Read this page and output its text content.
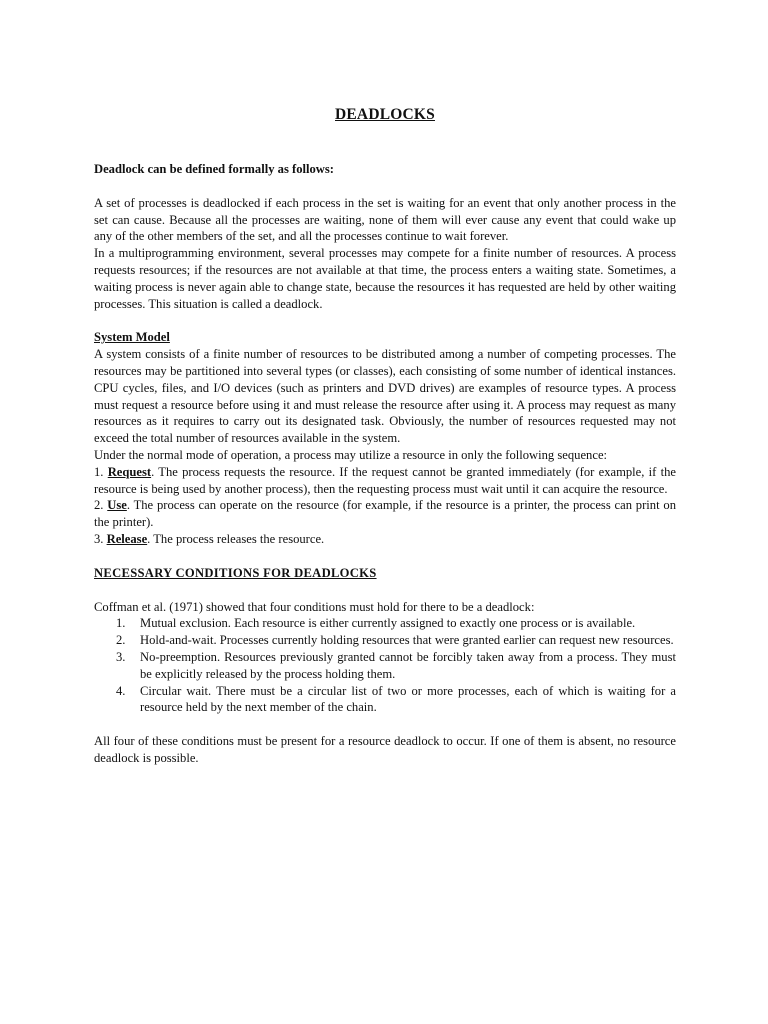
DEADLOCKS
Deadlock can be defined formally as follows:

A set of processes is deadlocked if each process in the set is waiting for an event that only another process in the set can cause. Because all the processes are waiting, none of them will ever cause any event that could wake up any of the other members of the set, and all the processes continue to wait forever.

In a multiprogramming environment, several processes may compete for a finite number of resources. A process requests resources; if the resources are not available at that time, the process enters a waiting state. Sometimes, a waiting process is never again able to change state, because the resources it has requested are held by other waiting processes. This situation is called a deadlock.

System Model

A system consists of a finite number of resources to be distributed among a number of competing processes. The resources may be partitioned into several types (or classes), each consisting of some number of identical instances. CPU cycles, files, and I/O devices (such as printers and DVD drives) are examples of resource types. A process must request a resource before using it and must release the resource after using it. A process may request as many resources as it requires to carry out its designated task. Obviously, the number of resources requested may not exceed the total number of resources available in the system.

Under the normal mode of operation, a process may utilize a resource in only the following sequence:

1. Request. The process requests the resource. If the request cannot be granted immediately (for example, if the resource is being used by another process), then the requesting process must wait until it can acquire the resource.

2. Use. The process can operate on the resource (for example, if the resource is a printer, the process can print on the printer).

3. Release. The process releases the resource.

NECESSARY CONDITIONS FOR DEADLOCKS

Coffman et al. (1971) showed that four conditions must hold for there to be a deadlock:

1. Mutual exclusion. Each resource is either currently assigned to exactly one process or is available.
2. Hold-and-wait. Processes currently holding resources that were granted earlier can request new resources.
3. No-preemption. Resources previously granted cannot be forcibly taken away from a process. They must be explicitly released by the process holding them.
4. Circular wait. There must be a circular list of two or more processes, each of which is waiting for a resource held by the next member of the chain.

All four of these conditions must be present for a resource deadlock to occur. If one of them is absent, no resource deadlock is possible.
